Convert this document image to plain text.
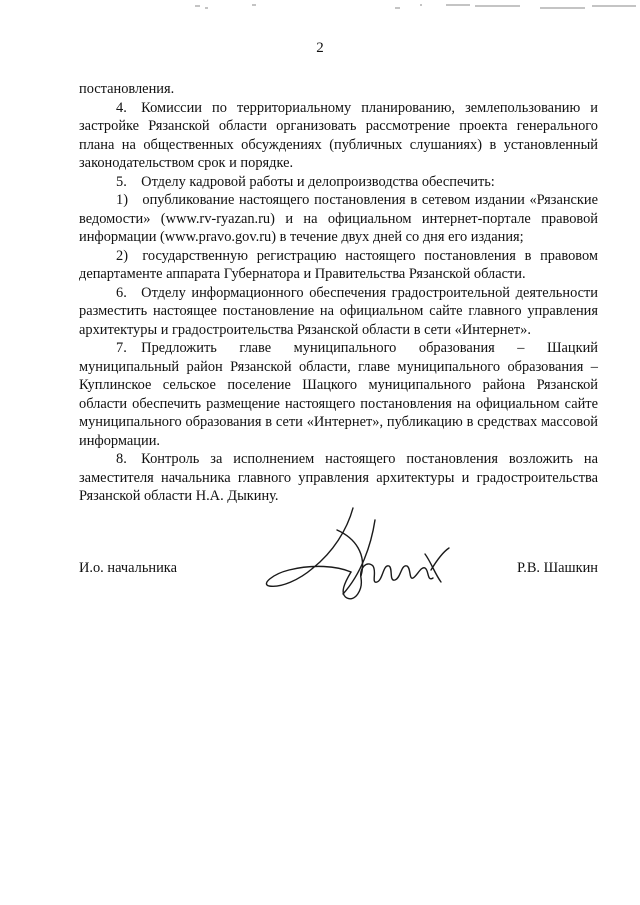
2

постановления.

4. Комиссии по территориальному планированию, землепользованию и застройке Рязанской области организовать рассмотрение проекта генерального плана на общественных обсуждениях (публичных слушаниях) в установленный законодательством срок и порядке.

5. Отделу кадровой работы и делопроизводства обеспечить:

1) опубликование настоящего постановления в сетевом издании «Рязанские ведомости» (www.rv-ryazan.ru) и на официальном интернет-портале правовой информации (www.pravo.gov.ru) в течение двух дней со дня его издания;

2) государственную регистрацию настоящего постановления в правовом департаменте аппарата Губернатора и Правительства Рязанской области.

6. Отделу информационного обеспечения градостроительной деятельности разместить настоящее постановление на официальном сайте главного управления архитектуры и градостроительства Рязанской области в сети «Интернет».

7. Предложить главе муниципального образования – Шацкий муниципальный район Рязанской области, главе муниципального образования – Куплинское сельское поселение Шацкого муниципального района Рязанской области обеспечить размещение настоящего постановления на официальном сайте муниципального образования в сети «Интернет», публикацию в средствах массовой информации.

8. Контроль за исполнением настоящего постановления возложить на заместителя начальника главного управления архитектуры и градостроительства Рязанской области Н.А. Дыкину.

И.о. начальника	Р.В. Шашкин
